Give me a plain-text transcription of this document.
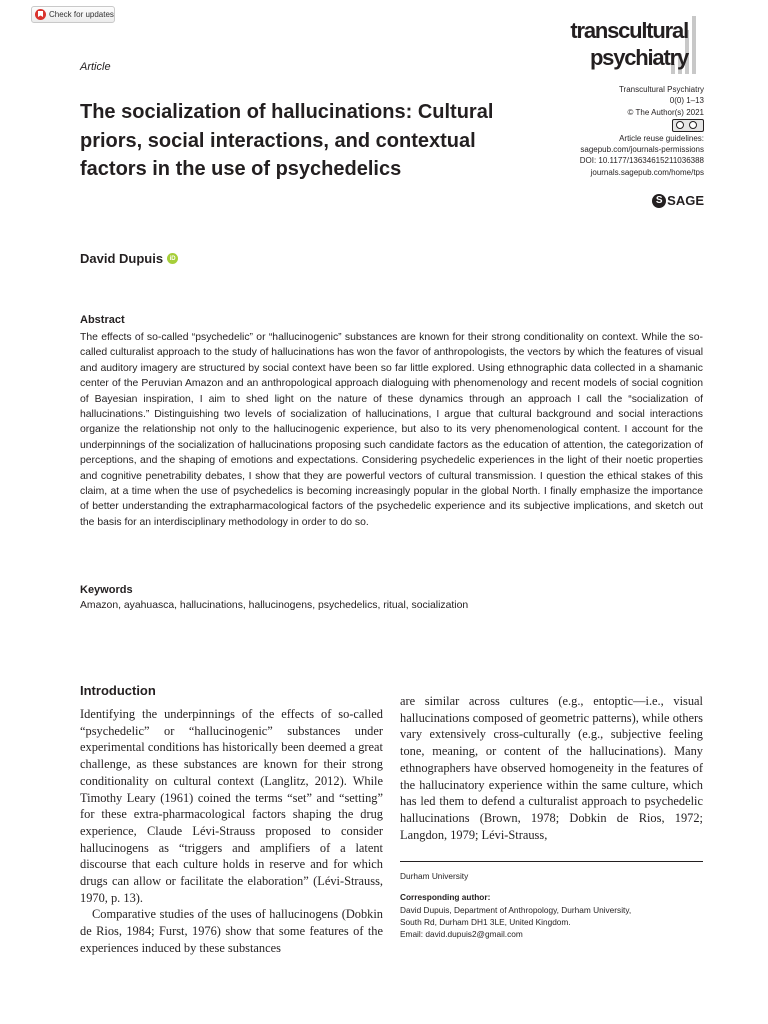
Check for updates
Article
transcultural
psychiatry
Transcultural Psychiatry
0(0) 1–13
© The Author(s) 2021
Article reuse guidelines:
sagepub.com/journals-permissions
DOI: 10.1177/13634615211036388
journals.sagepub.com/home/tps
S SAGE
The socialization of hallucinations: Cultural priors, social interactions, and contextual factors in the use of psychedelics
David Dupuis	iD
Abstract

The effects of so-called “psychedelic” or “hallucinogenic” substances are known for their strong conditionality on context. While the so-called culturalist approach to the study of hallucinations has won the favor of anthropologists, the vectors by which the features of visual and auditory imagery are structured by social context have been so far little explored. Using ethnographic data collected in a shamanic center of the Peruvian Amazon and an anthropological approach dialoguing with phenomenology and recent models of social cognition of Bayesian inspiration, I aim to shed light on the nature of these dynamics through an approach I call the “socialization of hallucinations.” Distinguishing two levels of socialization of hallucinations, I argue that cultural background and social interactions organize the relationship not only to the hallucinogenic experience, but also to its very phenomenological content. I account for the underpinnings of the socialization of hallucinations proposing such candidate factors as the education of attention, the categorization of perceptions, and the shaping of emotions and expectations. Considering psychedelic experiences in the light of their noetic properties and cognitive penetrability debates, I show that they are powerful vectors of cultural transmission. I question the ethical stakes of this claim, at a time when the use of psychedelics is becoming increasingly popular in the global North. I finally emphasize the importance of better understanding the extrapharmacological factors of the psychedelic experience and its subjective implications, and sketch out the basis for an interdisciplinary methodology in order to do so.

Keywords
Amazon, ayahuasca, hallucinations, hallucinogens, psychedelics, ritual, socialization
Introduction

Identifying the underpinnings of the effects of so-called “psychedelic” or “hallucinogenic” substances under experimental conditions has historically been deemed a great challenge, as these substances are known for their strong conditionality on cultural context (Langlitz, 2012). While Timothy Leary (1961) coined the terms “set” and “setting” for these extra-pharmacological factors shaping the drug experience, Claude Lévi-Strauss proposed to consider hallucinogens as “triggers and amplifiers of a latent discourse that each culture holds in reserve and for which drugs can allow or facilitate the elaboration” (Lévi-Strauss, 1970, p. 13).

Comparative studies of the uses of hallucinogens (Dobkin de Rios, 1984; Furst, 1976) show that some features of the experiences induced by these substances

are similar across cultures (e.g., entoptic—i.e., visual hallucinations composed of geometric patterns), while others vary extensively cross-culturally (e.g., subjective feeling tone, meaning, or content of the hallucinations). Many ethnographers have observed homogeneity in the features of the hallucinatory experience within the same culture, which has led them to defend a culturalist approach to psychedelic hallucinations (Brown, 1978; Dobkin de Rios, 1972; Langdon, 1979; Lévi-Strauss,

Durham University
Corresponding author:
David Dupuis, Department of Anthropology, Durham University,
South Rd, Durham DH1 3LE, United Kingdom.
Email: david.dupuis2@gmail.com
